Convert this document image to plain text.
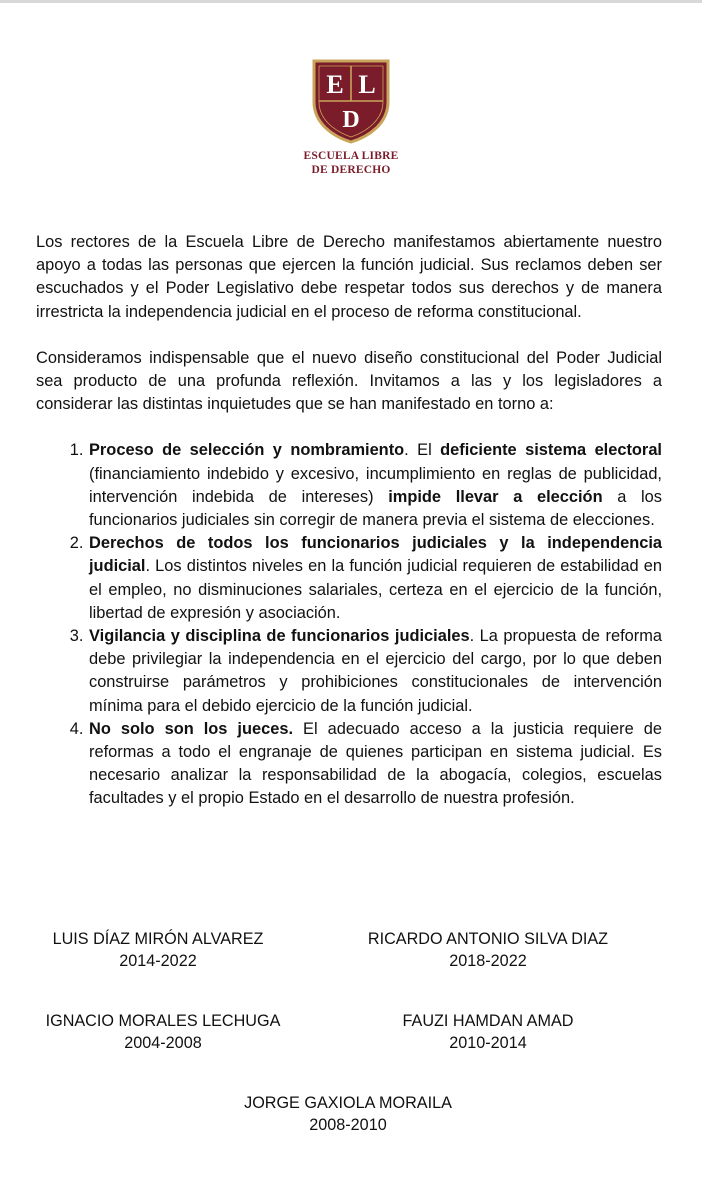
E L
D
ESCUELA LIBRE
DE DERECHO

Los rectores de la Escuela Libre de Derecho manifestamos abiertamente nuestro apoyo a todas las personas que ejercen la función judicial. Sus reclamos deben ser escuchados y el Poder Legislativo debe respetar todos sus derechos y de manera irrestricta la independencia judicial en el proceso de reforma constitucional.

Consideramos indispensable que el nuevo diseño constitucional del Poder Judicial sea producto de una profunda reflexión. Invitamos a las y los legisladores a considerar las distintas inquietudes que se han manifestado en torno a:

1. Proceso de selección y nombramiento. El deficiente sistema electoral (financiamiento indebido y excesivo, incumplimiento en reglas de publicidad, intervención indebida de intereses) impide llevar a elección a los funcionarios judiciales sin corregir de manera previa el sistema de elecciones.
2. Derechos de todos los funcionarios judiciales y la independencia judicial. Los distintos niveles en la función judicial requieren de estabilidad en el empleo, no disminuciones salariales, certeza en el ejercicio de la función, libertad de expresión y asociación.
3. Vigilancia y disciplina de funcionarios judiciales. La propuesta de reforma debe privilegiar la independencia en el ejercicio del cargo, por lo que deben construirse parámetros y prohibiciones constitucionales de intervención mínima para el debido ejercicio de la función judicial.
4. No solo son los jueces. El adecuado acceso a la justicia requiere de reformas a todo el engranaje de quienes participan en sistema judicial. Es necesario analizar la responsabilidad de la abogacía, colegios, escuelas facultades y el propio Estado en el desarrollo de nuestra profesión.
LUIS DÍAZ MIRÓN ALVAREZ
2014-2022
RICARDO ANTONIO SILVA DIAZ
2018-2022
IGNACIO MORALES LECHUGA
2004-2008
FAUZI HAMDAN AMAD
2010-2014
JORGE GAXIOLA MORAILA
2008-2010
